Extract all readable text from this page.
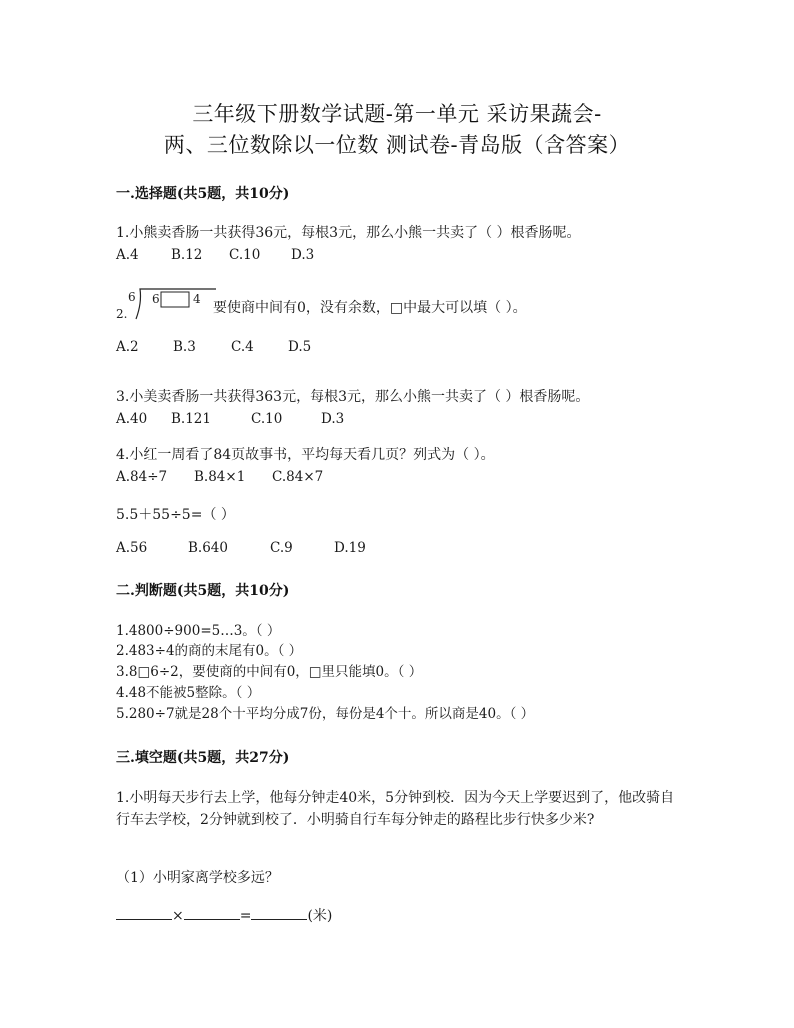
三年级下册数学试题-第一单元 采访果蔬会-
两、三位数除以一位数 测试卷-青岛版（含答案）
一.选择题(共5题，共10分)
1.小熊卖香肠一共获得36元，每根3元，那么小熊一共卖了（ ）根香肠呢。
A.4 B.12 C.10 D.3
2.
6 6	4
要使商中间有0，没有余数，□中最大可以填（ ）。
A.2	B.3	C.4	D.5
3.小美卖香肠一共获得363元，每根3元，那么小熊一共卖了（ ）根香肠呢。
A.40 B.121	C.10	D.3
4.小红一周看了84页故事书，平均每天看几页？列式为（ ）。
A.84÷7 B.84×1 C.84×7
5.5＋55÷5=（ ）
A.56	B.640	C.9	D.19
二.判断题(共5题，共10分)
1.4800÷900=5…3。（ ）
2.483÷4的商的末尾有0。（ ）
3.8□6÷2，要使商的中间有0，□里只能填0。（ ）
4.48不能被5整除。（ ）
5.280÷7就是28个十平均分成7份，每份是4个十。所以商是40。（ ）
三.填空题(共5题，共27分)
1.小明每天步行去上学，他每分钟走40米，5分钟到校．因为今天上学要迟到了，他改骑自行车去学校，2分钟就到校了．小明骑自行车每分钟走的路程比步行快多少米?
（1）小明家离学校多远？
×	=	(米)
